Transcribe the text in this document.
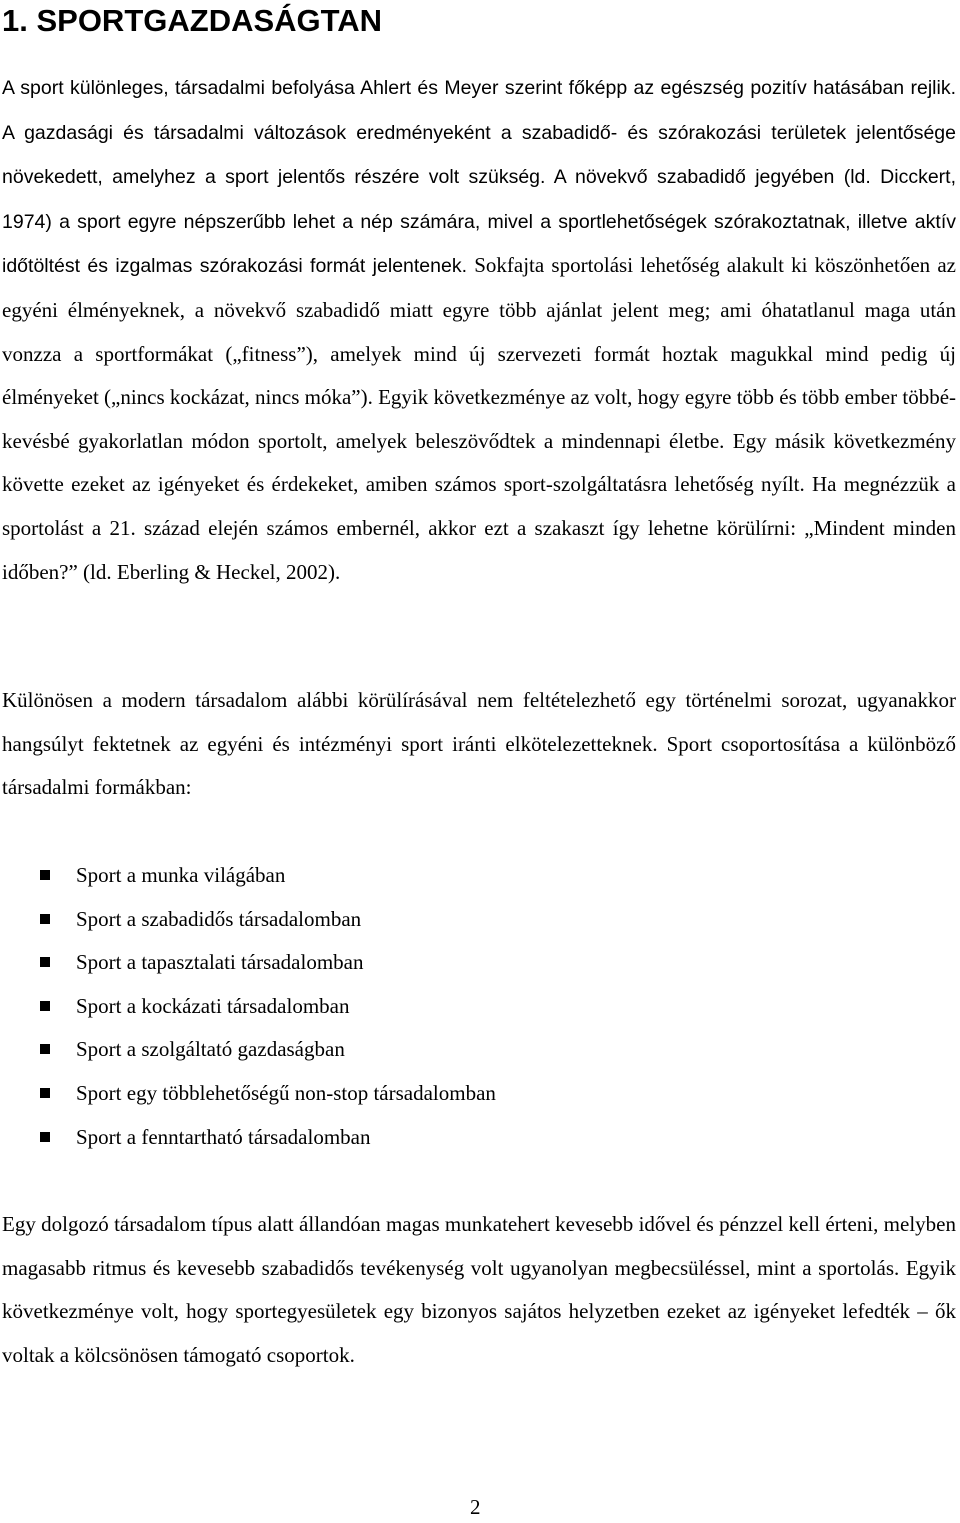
1. SPORTGAZDASÁGTAN

A sport különleges, társadalmi befolyása Ahlert és Meyer szerint főképp az egészség pozitív hatásában rejlik. A gazdasági és társadalmi változások eredményeként a szabadidő- és szórakozási területek jelentősége növekedett, amelyhez a sport jelentős részére volt szükség. A növekvő szabadidő jegyében (ld. Dicckert, 1974) a sport egyre népszerűbb lehet a nép számára, mivel a sportlehetőségek szórakoztatnak, illetve aktív időtöltést és izgalmas szórakozási formát jelentenek. Sokfajta sportolási lehetőség alakult ki köszönhetően az egyéni élményeknek, a növekvő szabadidő miatt egyre több ajánlat jelent meg; ami óhatatlanul maga után vonzza a sportformákat („fitness”), amelyek mind új szervezeti formát hoztak magukkal mind pedig új élményeket („nincs kockázat, nincs móka”). Egyik következménye az volt, hogy egyre több és több ember többé-kevésbé gyakorlatlan módon sportolt, amelyek beleszövődtek a mindennapi életbe. Egy másik következmény követte ezeket az igényeket és érdekeket, amiben számos sport-szolgáltatásra lehetőség nyílt. Ha megnézzük a sportolást a 21. század elején számos embernél, akkor ezt a szakaszt így lehetne körülírni: „Mindent minden időben?” (ld. Eberling & Heckel, 2002).

Különösen a modern társadalom alábbi körülírásával nem feltételezhető egy történelmi sorozat, ugyanakkor hangsúlyt fektetnek az egyéni és intézményi sport iránti elkötelezetteknek. Sport csoportosítása a különböző társadalmi formákban:

Sport a munka világában
Sport a szabadidős társadalomban
Sport a tapasztalati társadalomban
Sport a kockázati társadalomban
Sport a szolgáltató gazdaságban
Sport egy többlehetőségű non-stop társadalomban
Sport a fenntartható társadalomban

Egy dolgozó társadalom típus alatt állandóan magas munkatehert kevesebb idővel és pénzzel kell érteni, melyben magasabb ritmus és kevesebb szabadidős tevékenység volt ugyanolyan megbecsüléssel, mint a sportolás. Egyik következménye volt, hogy sportegyesületek egy bizonyos sajátos helyzetben ezeket az igényeket lefedték – ők voltak a kölcsönösen támogató csoportok.

2
